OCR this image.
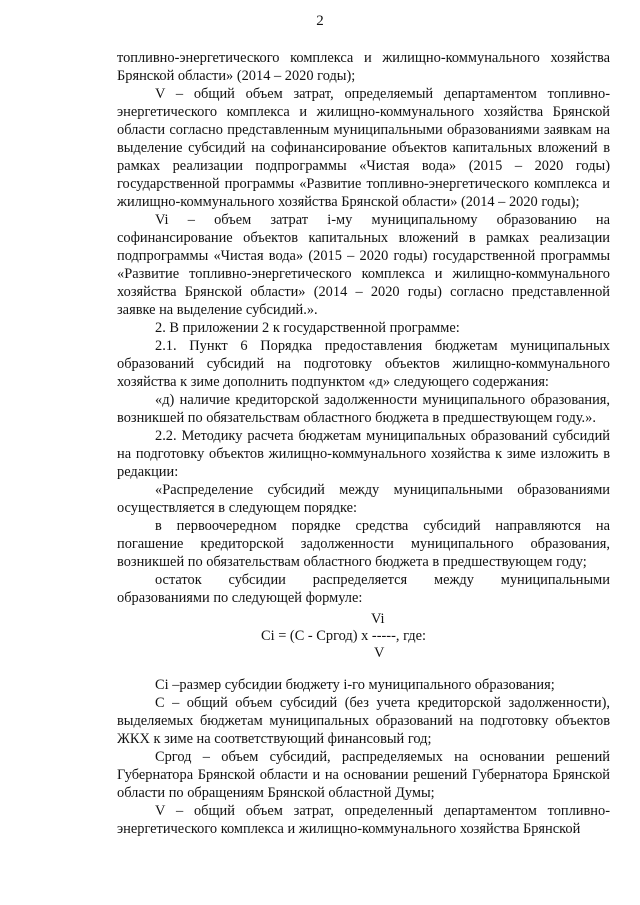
2

топливно-энергетического комплекса и жилищно-коммунального хозяйства Брянской области» (2014 – 2020 годы);

V – общий объем затрат, определяемый департаментом топливно-энергетического комплекса и жилищно-коммунального хозяйства Брянской области согласно представленным муниципальными образованиями заявкам на выделение субсидий на софинансирование объектов капитальных вложений в рамках реализации подпрограммы «Чистая вода» (2015 – 2020 годы) государственной программы «Развитие топливно-энергетического комплекса и жилищно-коммунального хозяйства Брянской области» (2014 – 2020 годы);

Vi – объем затрат i-му муниципальному образованию на софинансирование объектов капитальных вложений в рамках реализации подпрограммы «Чистая вода» (2015 – 2020 годы) государственной программы «Развитие топливно-энергетического комплекса и жилищно-коммунального хозяйства Брянской области» (2014 – 2020 годы) согласно представленной заявке на выделение субсидий.».

2. В приложении 2 к государственной программе:

2.1. Пункт 6 Порядка предоставления бюджетам муниципальных образований субсидий на подготовку объектов жилищно-коммунального хозяйства к зиме дополнить подпунктом «д» следующего содержания:

«д) наличие кредиторской задолженности муниципального образования, возникшей по обязательствам областного бюджета в предшествующем году.».

2.2. Методику расчета бюджетам муниципальных образований субсидий на подготовку объектов жилищно-коммунального хозяйства к зиме изложить в редакции:

«Распределение субсидий между муниципальными образованиями осуществляется в следующем порядке:

в первоочередном порядке средства субсидий направляются на погашение кредиторской задолженности муниципального образования, возникшей по обязательствам областного бюджета в предшествующем году;

остаток субсидии распределяется между муниципальными образованиями по следующей формуле:

Vi
Ci = (C - Сргод) x -----, где:
V

Ci –размер субсидии бюджету i-го муниципального образования;

C – общий объем субсидий (без учета кредиторской задолженности), выделяемых бюджетам муниципальных образований на подготовку объектов ЖКХ к зиме на соответствующий финансовый год;

Сргод – объем субсидий, распределяемых на основании решений Губернатора Брянской области и на основании решений Губернатора Брянской области по обращениям Брянской областной Думы;

V – общий объем затрат, определенный департаментом топливно-энергетического комплекса и жилищно-коммунального хозяйства Брянской
